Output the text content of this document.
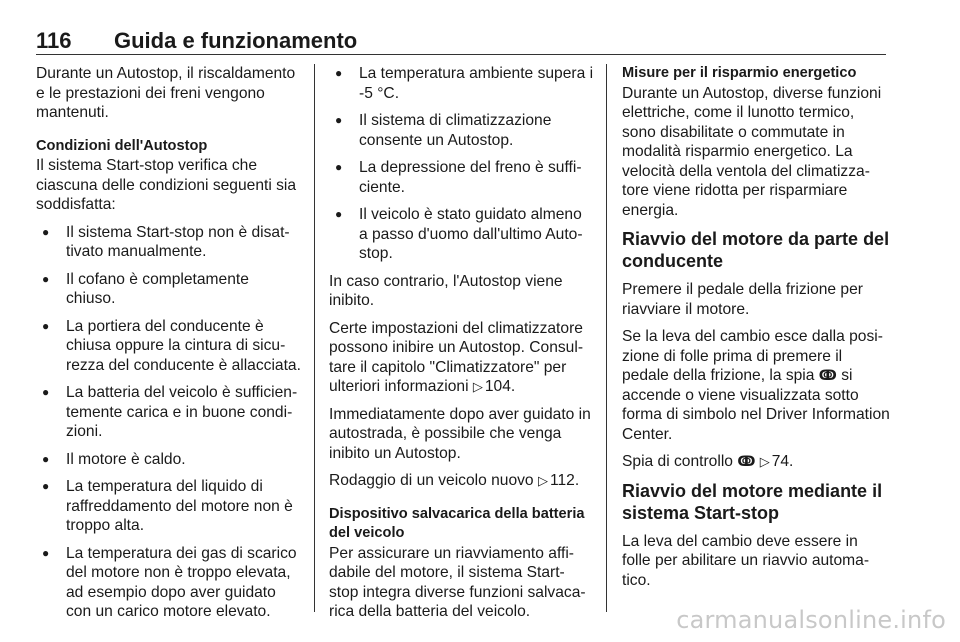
116	Guida e funzionamento

Durante un Autostop, il riscaldamento e le prestazioni dei freni vengono mantenuti.

Condizioni dell'Autostop

Il sistema Start-stop verifica che ciascuna delle condizioni seguenti sia soddisfatta:

● Il sistema Start-stop non è disattivato manualmente.
● Il cofano è completamente chiuso.
● La portiera del conducente è chiusa oppure la cintura di sicurezza del conducente è allacciata.
● La batteria del veicolo è sufficientemente carica e in buone condizioni.
● Il motore è caldo.
● La temperatura del liquido di raffreddamento del motore non è troppo alta.
● La temperatura dei gas di scarico del motore non è troppo elevata, ad esempio dopo aver guidato con un carico motore elevato.
● La temperatura ambiente supera i -5 °C.
● Il sistema di climatizzazione consente un Autostop.
● La depressione del freno è sufficiente.
● Il veicolo è stato guidato almeno a passo d'uomo dall'ultimo Autostop.

In caso contrario, l'Autostop viene inibito.

Certe impostazioni del climatizzatore possono inibire un Autostop. Consultare il capitolo "Climatizzatore" per ulteriori informazioni ▷ 104.

Immediatamente dopo aver guidato in autostrada, è possibile che venga inibito un Autostop.

Rodaggio di un veicolo nuovo ▷ 112.

Dispositivo salvacarica della batteria del veicolo

Per assicurare un riavviamento affidabile del motore, il sistema Start-stop integra diverse funzioni salvacarica della batteria del veicolo.

Misure per il risparmio energetico

Durante un Autostop, diverse funzioni elettriche, come il lunotto termico, sono disabilitate o commutate in modalità risparmio energetico. La velocità della ventola del climatizzatore viene ridotta per risparmiare energia.

Riavvio del motore da parte del conducente

Premere il pedale della frizione per riavviare il motore.

Se la leva del cambio esce dalla posizione di folle prima di premere il pedale della frizione, la spia ↂ si accende o viene visualizzata sotto forma di simbolo nel Driver Information Center.

Spia di controllo ↂ ▷ 74.

Riavvio del motore mediante il sistema Start-stop

La leva del cambio deve essere in folle per abilitare un riavvio automatico.

carmanualsonline.info
